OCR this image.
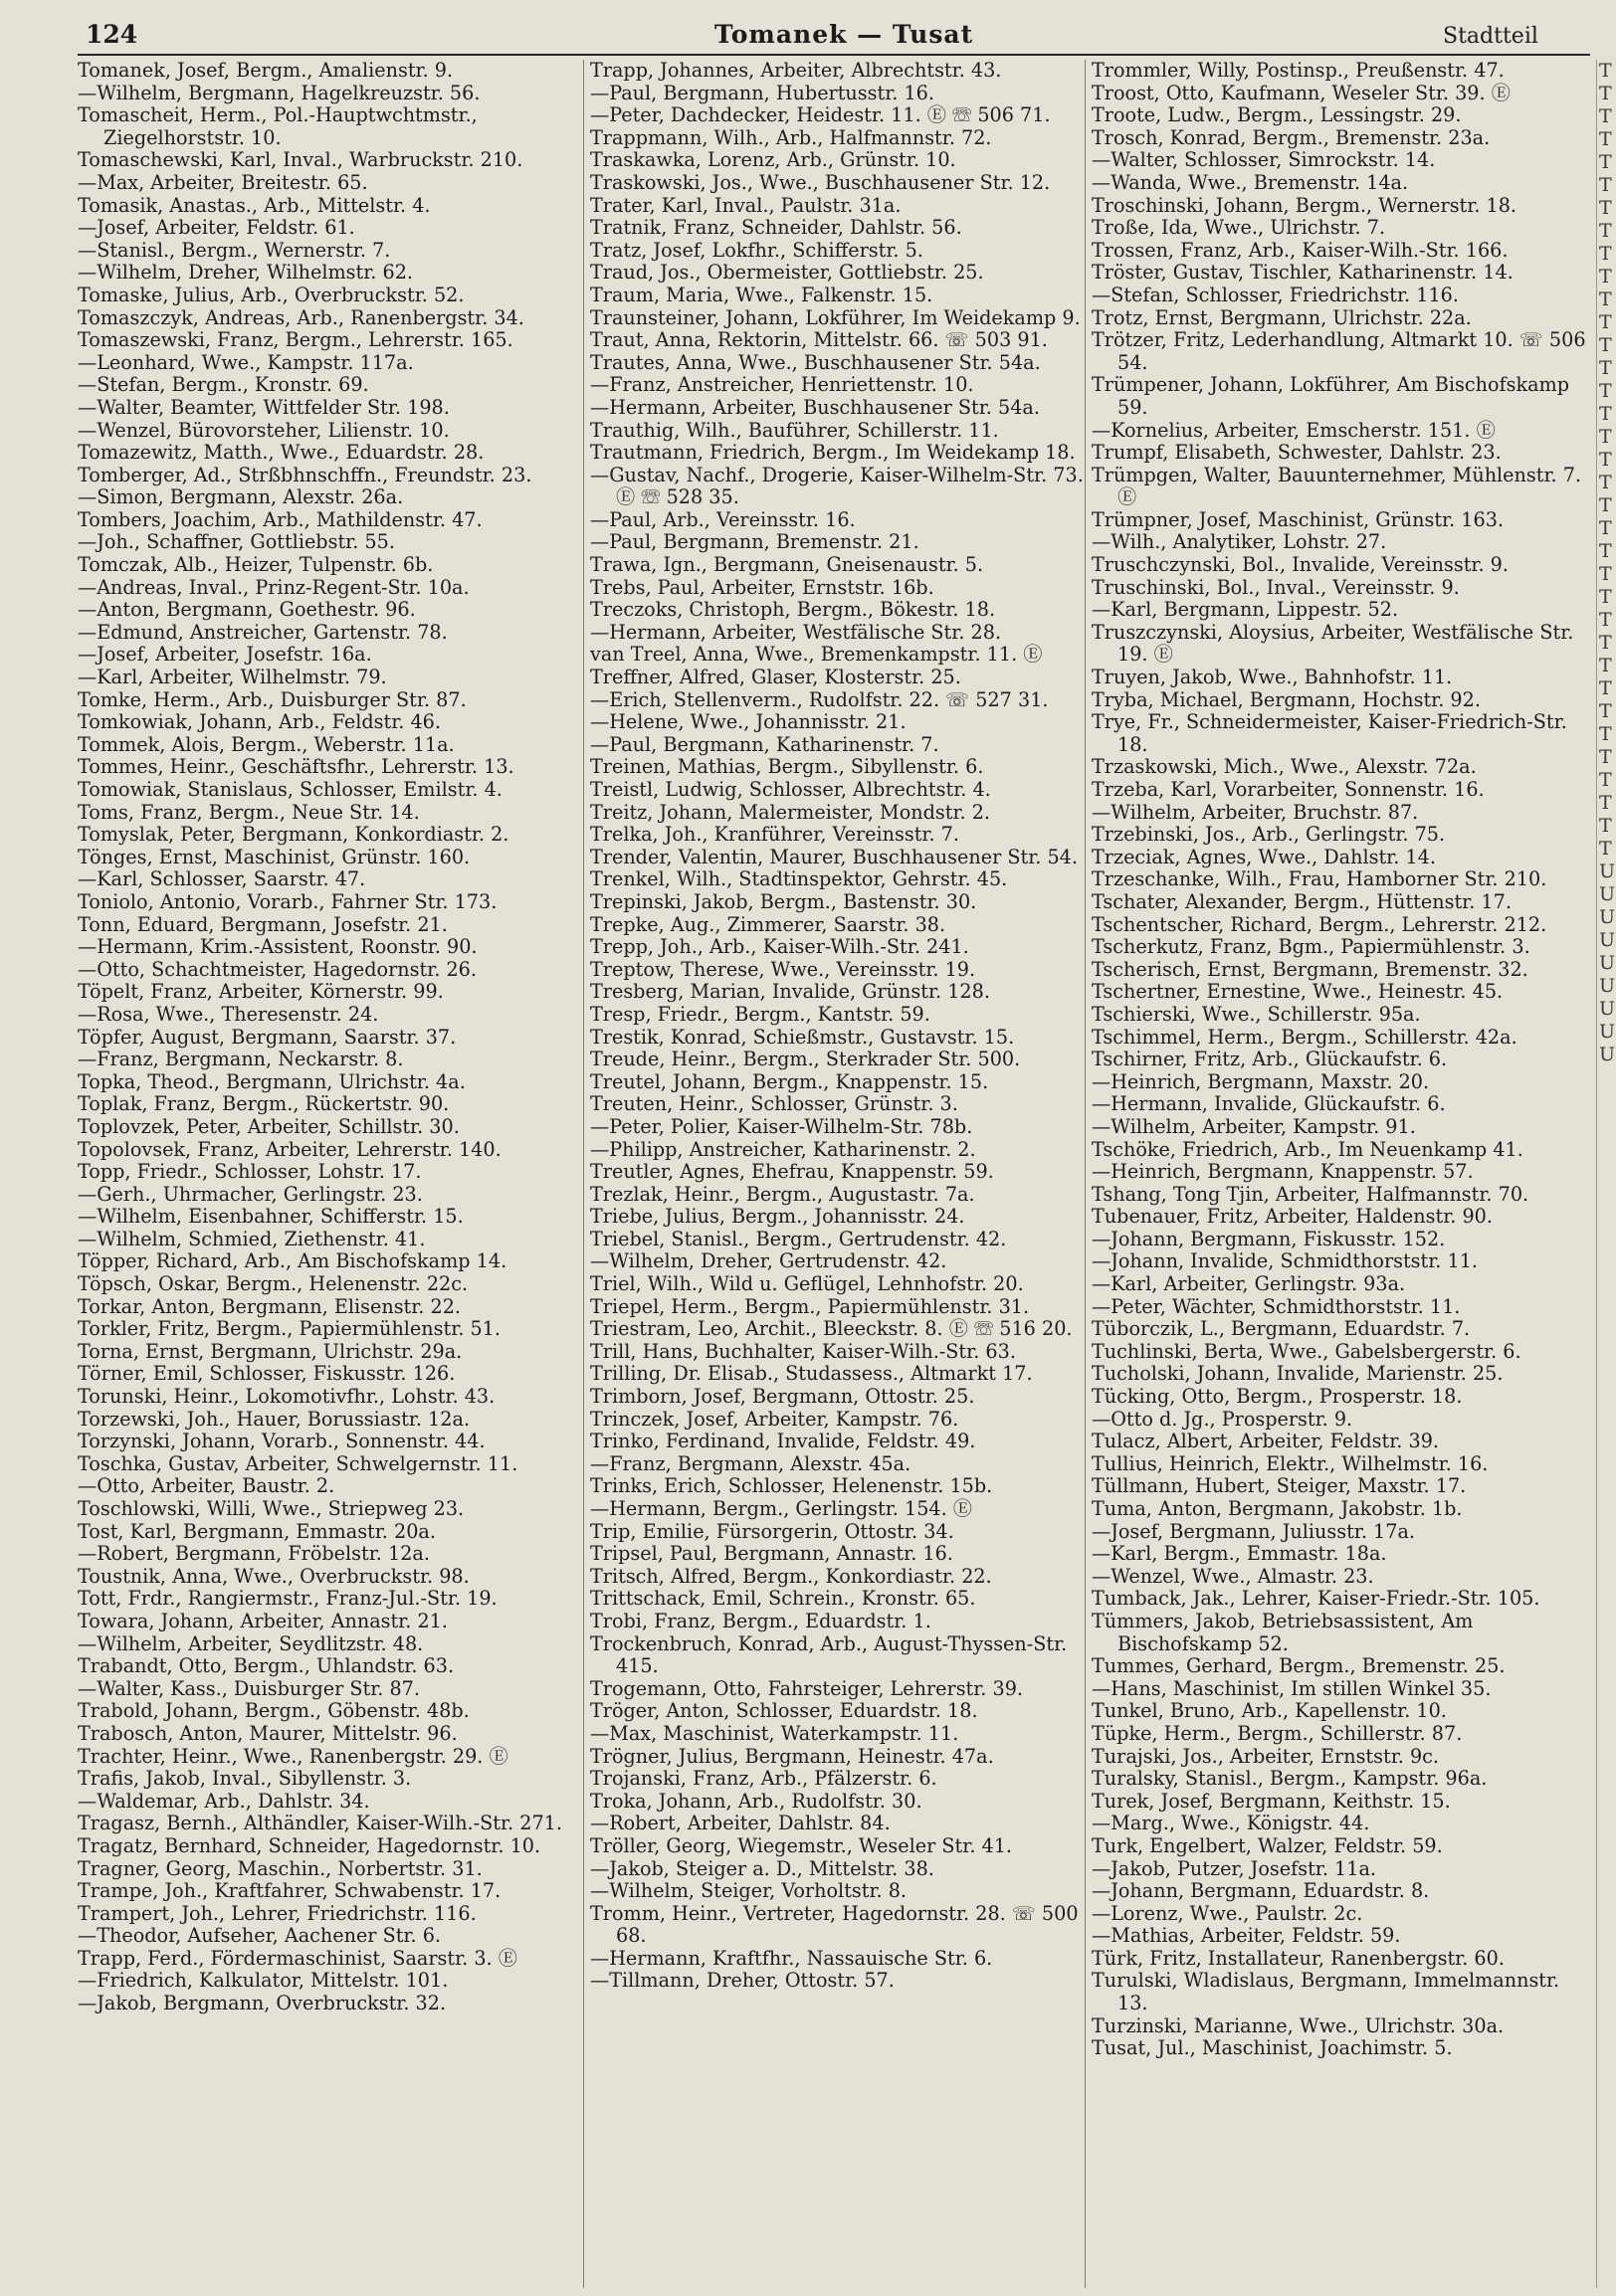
124	Tomanek — Tusat	Stadtteil

Tomanek, Josef, Bergm., Amalienstr. 9.

—Wilhelm, Bergmann, Hagelkreuzstr. 56.

Tomascheit, Herm., Pol.-Hauptwchtmstr., Ziegelhorststr. 10.

Tomaschewski, Karl, Inval., Warbruckstr. 210.

—Max, Arbeiter, Breitestr. 65.

Tomasik, Anastas., Arb., Mittelstr. 4.

—Josef, Arbeiter, Feldstr. 61.

—Stanisl., Bergm., Wernerstr. 7.

—Wilhelm, Dreher, Wilhelmstr. 62.

Tomaske, Julius, Arb., Overbruckstr. 52.

Tomaszczyk, Andreas, Arb., Ranenbergstr. 34.

Tomaszewski, Franz, Bergm., Lehrerstr. 165.

—Leonhard, Wwe., Kampstr. 117a.

—Stefan, Bergm., Kronstr. 69.

—Walter, Beamter, Wittfelder Str. 198.

—Wenzel, Bürovorsteher, Lilienstr. 10.

Tomazewitz, Matth., Wwe., Eduardstr. 28.

Tomberger, Ad., Strßbhnschffn., Freundstr. 23.

—Simon, Bergmann, Alexstr. 26a.

Tombers, Joachim, Arb., Mathildenstr. 47.

—Joh., Schaffner, Gottliebstr. 55.

Tomczak, Alb., Heizer, Tulpenstr. 6b.

—Andreas, Inval., Prinz-Regent-Str. 10a.

—Anton, Bergmann, Goethestr. 96.

—Edmund, Anstreicher, Gartenstr. 78.

—Josef, Arbeiter, Josefstr. 16a.

—Karl, Arbeiter, Wilhelmstr. 79.

Tomke, Herm., Arb., Duisburger Str. 87.

Tomkowiak, Johann, Arb., Feldstr. 46.

Tommek, Alois, Bergm., Weberstr. 11a.

Tommes, Heinr., Geschäftsfhr., Lehrerstr. 13.

Tomowiak, Stanislaus, Schlosser, Emilstr. 4.

Toms, Franz, Bergm., Neue Str. 14.

Tomyslak, Peter, Bergmann, Konkordiastr. 2.

Tönges, Ernst, Maschinist, Grünstr. 160.

—Karl, Schlosser, Saarstr. 47.

Toniolo, Antonio, Vorarb., Fahrner Str. 173.

Tonn, Eduard, Bergmann, Josefstr. 21.

—Hermann, Krim.-Assistent, Roonstr. 90.

—Otto, Schachtmeister, Hagedornstr. 26.

Töpelt, Franz, Arbeiter, Körnerstr. 99.

—Rosa, Wwe., Theresenstr. 24.

Töpfer, August, Bergmann, Saarstr. 37.

—Franz, Bergmann, Neckarstr. 8.

Topka, Theod., Bergmann, Ulrichstr. 4a.

Toplak, Franz, Bergm., Rückertstr. 90.

Toplovzek, Peter, Arbeiter, Schillstr. 30.

Topolovsek, Franz, Arbeiter, Lehrerstr. 140.

Topp, Friedr., Schlosser, Lohstr. 17.

—Gerh., Uhrmacher, Gerlingstr. 23.

—Wilhelm, Eisenbahner, Schifferstr. 15.

—Wilhelm, Schmied, Ziethenstr. 41.

Töpper, Richard, Arb., Am Bischofskamp 14.

Töpsch, Oskar, Bergm., Helenenstr. 22c.

Torkar, Anton, Bergmann, Elisenstr. 22.

Torkler, Fritz, Bergm., Papiermühlenstr. 51.

Torna, Ernst, Bergmann, Ulrichstr. 29a.

Törner, Emil, Schlosser, Fiskusstr. 126.

Torunski, Heinr., Lokomotivfhr., Lohstr. 43.

Torzewski, Joh., Hauer, Borussiastr. 12a.

Torzynski, Johann, Vorarb., Sonnenstr. 44.

Toschka, Gustav, Arbeiter, Schwelgernstr. 11.

—Otto, Arbeiter, Baustr. 2.

Toschlowski, Willi, Wwe., Striepweg 23.

Tost, Karl, Bergmann, Emmastr. 20a.

—Robert, Bergmann, Fröbelstr. 12a.

Toustnik, Anna, Wwe., Overbruckstr. 98.

Tott, Frdr., Rangiermstr., Franz-Jul.-Str. 19.

Towara, Johann, Arbeiter, Annastr. 21.

—Wilhelm, Arbeiter, Seydlitzstr. 48.

Trabandt, Otto, Bergm., Uhlandstr. 63.

—Walter, Kass., Duisburger Str. 87.

Trabold, Johann, Bergm., Göbenstr. 48b.

Trabosch, Anton, Maurer, Mittelstr. 96.

Trachter, Heinr., Wwe., Ranenbergstr. 29. Ⓔ

Trafis, Jakob, Inval., Sibyllenstr. 3.

—Waldemar, Arb., Dahlstr. 34.

Tragasz, Bernh., Althändler, Kaiser-Wilh.-Str. 271.

Tragatz, Bernhard, Schneider, Hagedornstr. 10.

Tragner, Georg, Maschin., Norbertstr. 31.

Trampe, Joh., Kraftfahrer, Schwabenstr. 17.

Trampert, Joh., Lehrer, Friedrichstr. 116.

—Theodor, Aufseher, Aachener Str. 6.

Trapp, Ferd., Fördermaschinist, Saarstr. 3. Ⓔ

—Friedrich, Kalkulator, Mittelstr. 101.

—Jakob, Bergmann, Overbruckstr. 32.

Trapp, Johannes, Arbeiter, Albrechtstr. 43.

—Paul, Bergmann, Hubertusstr. 16.

—Peter, Dachdecker, Heidestr. 11. Ⓔ ☏ 506 71.

Trappmann, Wilh., Arb., Halfmannstr. 72.

Traskawka, Lorenz, Arb., Grünstr. 10.

Traskowski, Jos., Wwe., Buschhausener Str. 12.

Trater, Karl, Inval., Paulstr. 31a.

Tratnik, Franz, Schneider, Dahlstr. 56.

Tratz, Josef, Lokfhr., Schifferstr. 5.

Traud, Jos., Obermeister, Gottliebstr. 25.

Traum, Maria, Wwe., Falkenstr. 15.

Traunsteiner, Johann, Lokführer, Im Weidekamp 9.

Traut, Anna, Rektorin, Mittelstr. 66. ☏ 503 91.

Trautes, Anna, Wwe., Buschhausener Str. 54a.

—Franz, Anstreicher, Henriettenstr. 10.

—Hermann, Arbeiter, Buschhausener Str. 54a.

Trauthig, Wilh., Bauführer, Schillerstr. 11.

Trautmann, Friedrich, Bergm., Im Weidekamp 18.

—Gustav, Nachf., Drogerie, Kaiser-Wilhelm-Str. 73. Ⓔ ☏ 528 35.

—Paul, Arb., Vereinsstr. 16.

—Paul, Bergmann, Bremenstr. 21.

Trawa, Ign., Bergmann, Gneisenaustr. 5.

Trebs, Paul, Arbeiter, Ernststr. 16b.

Treczoks, Christoph, Bergm., Bökestr. 18.

—Hermann, Arbeiter, Westfälische Str. 28.

van Treel, Anna, Wwe., Bremenkampstr. 11. Ⓔ

Treffner, Alfred, Glaser, Klosterstr. 25.

—Erich, Stellenverm., Rudolfstr. 22. ☏ 527 31.

—Helene, Wwe., Johannisstr. 21.

—Paul, Bergmann, Katharinenstr. 7.

Treinen, Mathias, Bergm., Sibyllenstr. 6.

Treistl, Ludwig, Schlosser, Albrechtstr. 4.

Treitz, Johann, Malermeister, Mondstr. 2.

Trelka, Joh., Kranführer, Vereinsstr. 7.

Trender, Valentin, Maurer, Buschhausener Str. 54.

Trenkel, Wilh., Stadtinspektor, Gehrstr. 45.

Trepinski, Jakob, Bergm., Bastenstr. 30.

Trepke, Aug., Zimmerer, Saarstr. 38.

Trepp, Joh., Arb., Kaiser-Wilh.-Str. 241.

Treptow, Therese, Wwe., Vereinsstr. 19.

Tresberg, Marian, Invalide, Grünstr. 128.

Tresp, Friedr., Bergm., Kantstr. 59.

Trestik, Konrad, Schießmstr., Gustavstr. 15.

Treude, Heinr., Bergm., Sterkrader Str. 500.

Treutel, Johann, Bergm., Knappenstr. 15.

Treuten, Heinr., Schlosser, Grünstr. 3.

—Peter, Polier, Kaiser-Wilhelm-Str. 78b.

—Philipp, Anstreicher, Katharinenstr. 2.

Treutler, Agnes, Ehefrau, Knappenstr. 59.

Trezlak, Heinr., Bergm., Augustastr. 7a.

Triebe, Julius, Bergm., Johannisstr. 24.

Triebel, Stanisl., Bergm., Gertrudenstr. 42.

—Wilhelm, Dreher, Gertrudenstr. 42.

Triel, Wilh., Wild u. Geflügel, Lehnhofstr. 20.

Triepel, Herm., Bergm., Papiermühlenstr. 31.

Triestram, Leo, Archit., Bleeckstr. 8. Ⓔ ☏ 516 20.

Trill, Hans, Buchhalter, Kaiser-Wilh.-Str. 63.

Trilling, Dr. Elisab., Studassess., Altmarkt 17.

Trimborn, Josef, Bergmann, Ottostr. 25.

Trinczek, Josef, Arbeiter, Kampstr. 76.

Trinko, Ferdinand, Invalide, Feldstr. 49.

—Franz, Bergmann, Alexstr. 45a.

Trinks, Erich, Schlosser, Helenenstr. 15b.

—Hermann, Bergm., Gerlingstr. 154. Ⓔ

Trip, Emilie, Fürsorgerin, Ottostr. 34.

Tripsel, Paul, Bergmann, Annastr. 16.

Tritsch, Alfred, Bergm., Konkordiastr. 22.

Trittschack, Emil, Schrein., Kronstr. 65.

Trobi, Franz, Bergm., Eduardstr. 1.

Trockenbruch, Konrad, Arb., August-Thyssen-Str. 415.

Trogemann, Otto, Fahrsteiger, Lehrerstr. 39.

Tröger, Anton, Schlosser, Eduardstr. 18.

—Max, Maschinist, Waterkampstr. 11.

Trögner, Julius, Bergmann, Heinestr. 47a.

Trojanski, Franz, Arb., Pfälzerstr. 6.

Troka, Johann, Arb., Rudolfstr. 30.

—Robert, Arbeiter, Dahlstr. 84.

Tröller, Georg, Wiegemstr., Weseler Str. 41.

—Jakob, Steiger a. D., Mittelstr. 38.

—Wilhelm, Steiger, Vorholtstr. 8.

Tromm, Heinr., Vertreter, Hagedornstr. 28. ☏ 500 68.

—Hermann, Kraftfhr., Nassauische Str. 6.

—Tillmann, Dreher, Ottostr. 57.

Trommler, Willy, Postinsp., Preußenstr. 47.

Troost, Otto, Kaufmann, Weseler Str. 39. Ⓔ

Troote, Ludw., Bergm., Lessingstr. 29.

Trosch, Konrad, Bergm., Bremenstr. 23a.

—Walter, Schlosser, Simrockstr. 14.

—Wanda, Wwe., Bremenstr. 14a.

Troschinski, Johann, Bergm., Wernerstr. 18.

Troße, Ida, Wwe., Ulrichstr. 7.

Trossen, Franz, Arb., Kaiser-Wilh.-Str. 166.

Tröster, Gustav, Tischler, Katharinenstr. 14.

—Stefan, Schlosser, Friedrichstr. 116.

Trotz, Ernst, Bergmann, Ulrichstr. 22a.

Trötzer, Fritz, Lederhandlung, Altmarkt 10. ☏ 506 54.

Trümpener, Johann, Lokführer, Am Bischofskamp 59.

—Kornelius, Arbeiter, Emscherstr. 151. Ⓔ

Trumpf, Elisabeth, Schwester, Dahlstr. 23.

Trümpgen, Walter, Bauunternehmer, Mühlenstr. 7. Ⓔ

Trümpner, Josef, Maschinist, Grünstr. 163.

—Wilh., Analytiker, Lohstr. 27.

Truschczynski, Bol., Invalide, Vereinsstr. 9.

Truschinski, Bol., Inval., Vereinsstr. 9.

—Karl, Bergmann, Lippestr. 52.

Truszczynski, Aloysius, Arbeiter, Westfälische Str. 19. Ⓔ

Truyen, Jakob, Wwe., Bahnhofstr. 11.

Tryba, Michael, Bergmann, Hochstr. 92.

Trye, Fr., Schneidermeister, Kaiser-Friedrich-Str. 18.

Trzaskowski, Mich., Wwe., Alexstr. 72a.

Trzeba, Karl, Vorarbeiter, Sonnenstr. 16.

—Wilhelm, Arbeiter, Bruchstr. 87.

Trzebinski, Jos., Arb., Gerlingstr. 75.

Trzeciak, Agnes, Wwe., Dahlstr. 14.

Trzeschanke, Wilh., Frau, Hamborner Str. 210.

Tschater, Alexander, Bergm., Hüttenstr. 17.

Tschentscher, Richard, Bergm., Lehrerstr. 212.

Tscherkutz, Franz, Bgm., Papiermühlenstr. 3.

Tscherisch, Ernst, Bergmann, Bremenstr. 32.

Tschertner, Ernestine, Wwe., Heinestr. 45.

Tschierski, Wwe., Schillerstr. 95a.

Tschimmel, Herm., Bergm., Schillerstr. 42a.

Tschirner, Fritz, Arb., Glückaufstr. 6.

—Heinrich, Bergmann, Maxstr. 20.

—Hermann, Invalide, Glückaufstr. 6.

—Wilhelm, Arbeiter, Kampstr. 91.

Tschöke, Friedrich, Arb., Im Neuenkamp 41.

—Heinrich, Bergmann, Knappenstr. 57.

Tshang, Tong Tjin, Arbeiter, Halfmannstr. 70.

Tubenauer, Fritz, Arbeiter, Haldenstr. 90.

—Johann, Bergmann, Fiskusstr. 152.

—Johann, Invalide, Schmidthorststr. 11.

—Karl, Arbeiter, Gerlingstr. 93a.

—Peter, Wächter, Schmidthorststr. 11.

Tüborczik, L., Bergmann, Eduardstr. 7.

Tuchlinski, Berta, Wwe., Gabelsbergerstr. 6.

Tucholski, Johann, Invalide, Marienstr. 25.

Tücking, Otto, Bergm., Prosperstr. 18.

—Otto d. Jg., Prosperstr. 9.

Tulacz, Albert, Arbeiter, Feldstr. 39.

Tullius, Heinrich, Elektr., Wilhelmstr. 16.

Tüllmann, Hubert, Steiger, Maxstr. 17.

Tuma, Anton, Bergmann, Jakobstr. 1b.

—Josef, Bergmann, Juliusstr. 17a.

—Karl, Bergm., Emmastr. 18a.

—Wenzel, Wwe., Almastr. 23.

Tumback, Jak., Lehrer, Kaiser-Friedr.-Str. 105.

Tümmers, Jakob, Betriebsassistent, Am Bischofskamp 52.

Tummes, Gerhard, Bergm., Bremenstr. 25.

—Hans, Maschinist, Im stillen Winkel 35.

Tunkel, Bruno, Arb., Kapellenstr. 10.

Tüpke, Herm., Bergm., Schillerstr. 87.

Turajski, Jos., Arbeiter, Ernststr. 9c.

Turalsky, Stanisl., Bergm., Kampstr. 96a.

Turek, Josef, Bergmann, Keithstr. 15.

—Marg., Wwe., Königstr. 44.

Turk, Engelbert, Walzer, Feldstr. 59.

—Jakob, Putzer, Josefstr. 11a.

—Johann, Bergmann, Eduardstr. 8.

—Lorenz, Wwe., Paulstr. 2c.

—Mathias, Arbeiter, Feldstr. 59.

Türk, Fritz, Installateur, Ranenbergstr. 60.

Turulski, Wladislaus, Bergmann, Immelmannstr. 13.

Turzinski, Marianne, Wwe., Ulrichstr. 30a.

Tusat, Jul., Maschinist, Joachimstr. 5.

T
T
T
T
T
T
T
T
T
T
T
T
T
T
T
T
T
T
T
T
T
T
T
T
T
T
T
T
T
T
T
T
T
T
T
U
U
U
U
U
U
U
U
U
